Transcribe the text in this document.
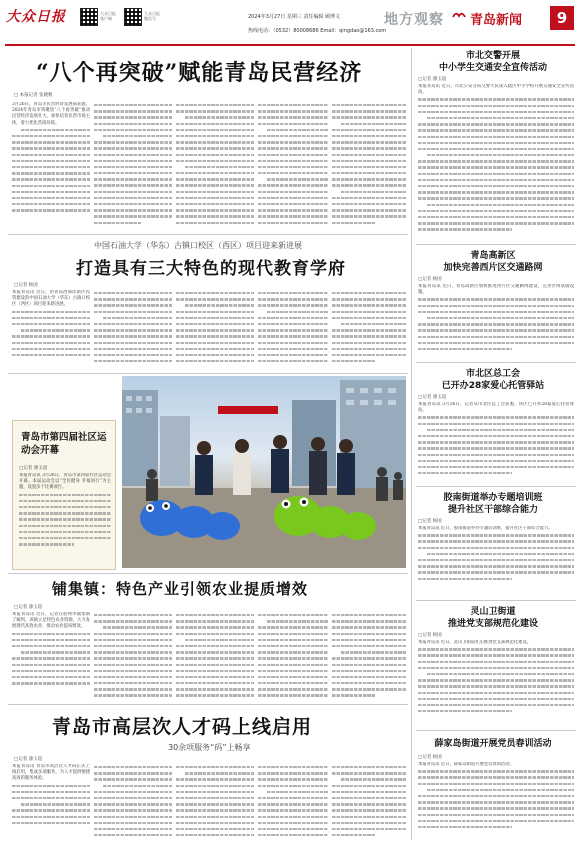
大众日报	大众日报
客户端
大众日报
微信号	2024年3月27日 星期三 责任编辑 顾博文
热线电话：（0532）80008686 Email：qingdao@163.com
地方观察 青岛新闻	9
“八个再突破”赋能青岛民营经济
□ 本报记者 张晓帆
3月26日，青岛市民营经济发展局获悉，2024年青岛市将聚焦“八个再突破”推动民营经济发展壮大，加快培育民营市场主体，着力优化营商环境。
中国石油大学（华东）古镇口校区（西区）项目迎来新进展
打造具有三大特色的现代教育学府
□记者 杨国
本报青岛讯 近日，由青岛西海岸新区投资建设的中国石油大学（华东）古镇口校区（西区）项目迎来新进展。
青岛市第四届社区运动会开幕
□记者 薄玉超
本报青岛讯 3月26日，青岛市第四届社区运动会开幕。本届运动会以“全民健身 幸福同行”为主题，设置多个比赛项目。
铺集镇：特色产业引领农业提质增效
□记者 薄玉超
本报青岛讯 近日，记者在胶州市铺集镇了解到，该镇立足特色农业资源，大力发展现代高效农业，推动农业提质增效。
青岛市高层次人才码上线启用
30余项服务“码”上畅享
□记者 薄玉超
本报青岛讯 青岛市高层次人才码正式上线启用，集成多项服务，为人才提供便捷高效的服务体验。
市北交警开展
中小学生交通安全宣传活动
□记者 薄玉超
本报青岛讯 近日，市北公安分局交警大队深入辖区中小学校开展交通安全宣传活动。
青岛高新区
加快完善西片区交通路网
□记者 杨国
本报青岛讯 近日，青岛高新区加快推进西片区交通路网建设，完善区域基础设施。
市北区总工会
已开办28家爱心托管驿站
□记者 薄玉超
本报青岛讯 3月26日，记者从市北区总工会获悉，该区已开办28家爱心托管驿站。
胶南街道举办专题培训班
提升社区干部综合能力
□记者 杨国
本报青岛讯 近日，胶南街道举办专题培训班，提升社区干部综合能力。
灵山卫街道
推进党支部规范化建设
□记者 杨国
本报青岛讯 近日，灵山卫街道扎实推进党支部规范化建设。
薛家岛街道开展党员春训活动
□记者 杨国
本报青岛讯 近日，薛家岛街道开展党员春训活动。
